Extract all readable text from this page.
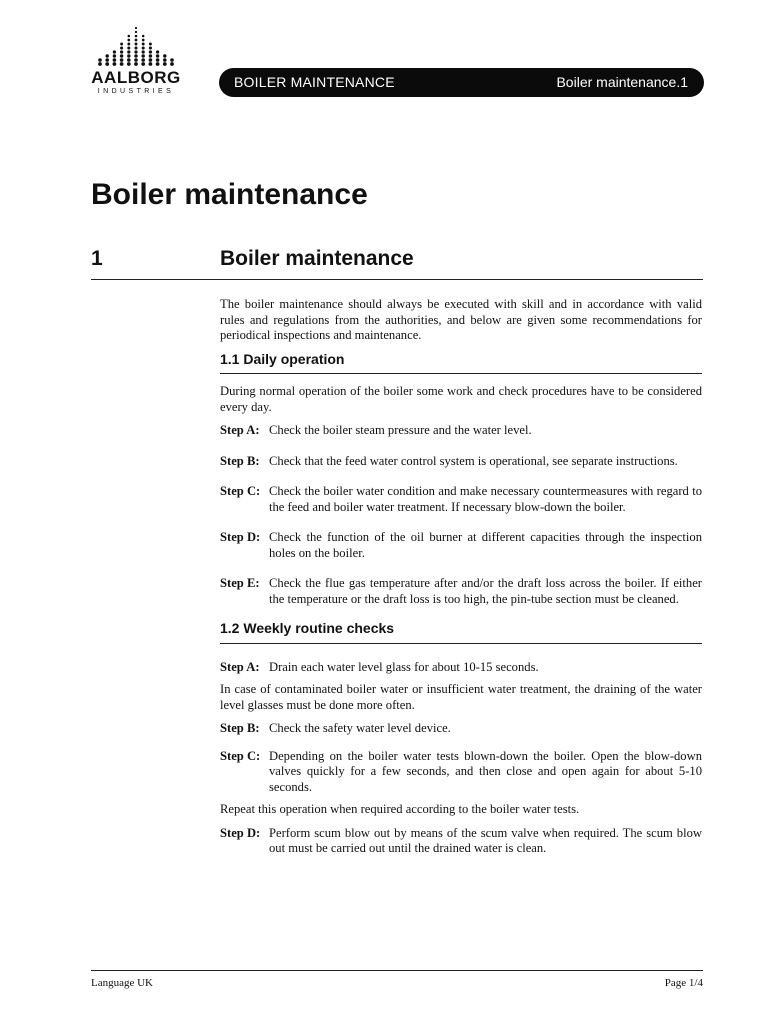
AALBORG
INDUSTRIES
BOILER MAINTENANCE	Boiler maintenance.1
Boiler maintenance
1	Boiler maintenance

The boiler maintenance should always be executed with skill and in accordance with valid rules and regulations from the authorities, and below are given some recommendations for periodical inspections and maintenance.

1.1 Daily operation

During normal operation of the boiler some work and check procedures have to be considered every day.

Step A: Check the boiler steam pressure and the water level.
Step B: Check that the feed water control system is operational, see separate instructions.
Step C: Check the boiler water condition and make necessary countermeasures with regard to the feed and boiler water treatment. If necessary blow-down the boiler.
Step D: Check the function of the oil burner at different capacities through the inspection holes on the boiler.
Step E: Check the flue gas temperature after and/or the draft loss across the boiler. If either the temperature or the draft loss is too high, the pin-tube section must be cleaned.
1.2 Weekly routine checks
Step A: Drain each water level glass for about 10-15 seconds.

In case of contaminated boiler water or insufficient water treatment, the draining of the water level glasses must be done more often.

Step B: Check the safety water level device.
Step C: Depending on the boiler water tests blown-down the boiler. Open the blow-down valves quickly for a few seconds, and then close and open again for about 5-10 seconds.

Repeat this operation when required according to the boiler water tests.

Step D: Perform scum blow out by means of the scum valve when required. The scum blow out must be carried out until the drained water is clean.
Language UK	Page 1/4
